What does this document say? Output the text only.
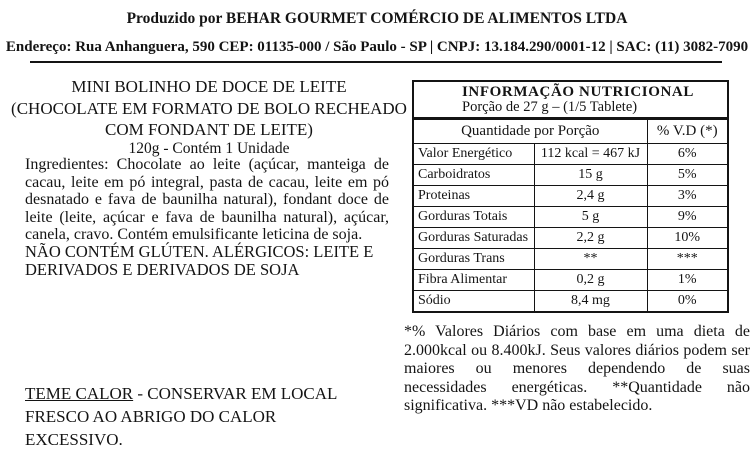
Produzido por BEHAR GOURMET COMÉRCIO DE ALIMENTOS LTDA
Endereço: Rua Anhanguera, 590 CEP: 01135-000 / São Paulo - SP | CNPJ: 13.184.290/0001-12 | SAC: (11) 3082-7090
MINI BOLINHO DE DOCE DE LEITE
(CHOCOLATE EM FORMATO DE BOLO RECHEADO
COM FONDANT DE LEITE)
120g - Contém 1 Unidade

Ingredientes: Chocolate ao leite (açúcar, manteiga de cacau, leite em pó integral, pasta de cacau, leite em pó desnatado e fava de baunilha natural), fondant doce de leite (leite, açúcar e fava de baunilha natural), açúcar, canela, cravo. Contém emulsificante leticina de soja.

NÃO CONTÉM GLÚTEN. ALÉRGICOS: LEITE E DERIVADOS E DERIVADOS DE SOJA

TEME CALOR - CONSERVAR EM LOCAL FRESCO AO ABRIGO DO CALOR EXCESSIVO.

INFORMAÇÃO NUTRICIONAL
Porção de 27 g – (1/5 Tablete)		

Quantidade por Porção		% V.D (*)
Valor Energético	112 kcal = 467 kJ	6%
Carboidratos	15 g	5%
Proteinas	2,4 g	3%
Gorduras Totais	5 g	9%
Gorduras Saturadas	2,2 g	10%
Gorduras Trans	**	***
Fibra Alimentar	0,2 g	1%
Sódio	8,4 mg	0%

*% Valores Diários com base em uma dieta de 2.000kcal ou 8.400kJ. Seus valores diários podem ser maiores ou menores dependendo de suas necessidades energéticas. **Quantidade não significativa. ***VD não estabelecido.
